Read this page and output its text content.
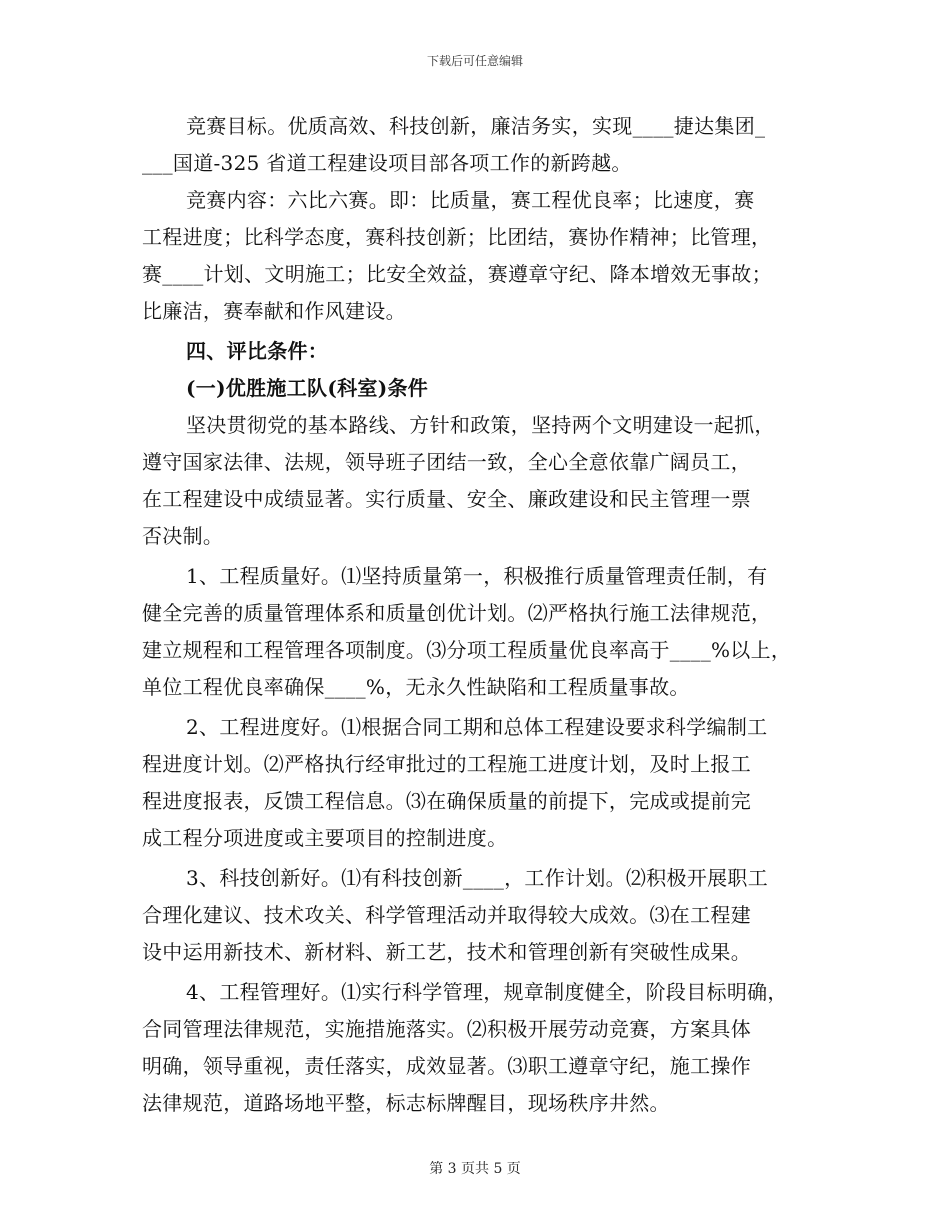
下载后可任意编辑
竞赛目标。优质高效、科技创新，廉洁务实，实现____捷达集团_
___国道-325 省道工程建设项目部各项工作的新跨越。
竞赛内容：六比六赛。即：比质量，赛工程优良率；比速度，赛
工程进度；比科学态度，赛科技创新；比团结，赛协作精神；比管理，
赛____计划、文明施工；比安全效益，赛遵章守纪、降本增效无事故；
比廉洁，赛奉献和作风建设。
四、评比条件：
(一)优胜施工队(科室)条件
坚决贯彻党的基本路线、方针和政策，坚持两个文明建设一起抓，
遵守国家法律、法规，领导班子团结一致，全心全意依靠广阔员工，
在工程建设中成绩显著。实行质量、安全、廉政建设和民主管理一票
否决制。
1、工程质量好。⑴坚持质量第一，积极推行质量管理责任制，有
健全完善的质量管理体系和质量创优计划。⑵严格执行施工法律规范，
建立规程和工程管理各项制度。⑶分项工程质量优良率高于____%以上，
单位工程优良率确保____%，无永久性缺陷和工程质量事故。
2、工程进度好。⑴根据合同工期和总体工程建设要求科学编制工
程进度计划。⑵严格执行经审批过的工程施工进度计划，及时上报工
程进度报表，反馈工程信息。⑶在确保质量的前提下，完成或提前完
成工程分项进度或主要项目的控制进度。
3、科技创新好。⑴有科技创新____，工作计划。⑵积极开展职工
合理化建议、技术攻关、科学管理活动并取得较大成效。⑶在工程建
设中运用新技术、新材料、新工艺，技术和管理创新有突破性成果。
4、工程管理好。⑴实行科学管理，规章制度健全，阶段目标明确，
合同管理法律规范，实施措施落实。⑵积极开展劳动竞赛，方案具体
明确，领导重视，责任落实，成效显著。⑶职工遵章守纪，施工操作
法律规范，道路场地平整，标志标牌醒目，现场秩序井然。
第 3 页共 5 页
